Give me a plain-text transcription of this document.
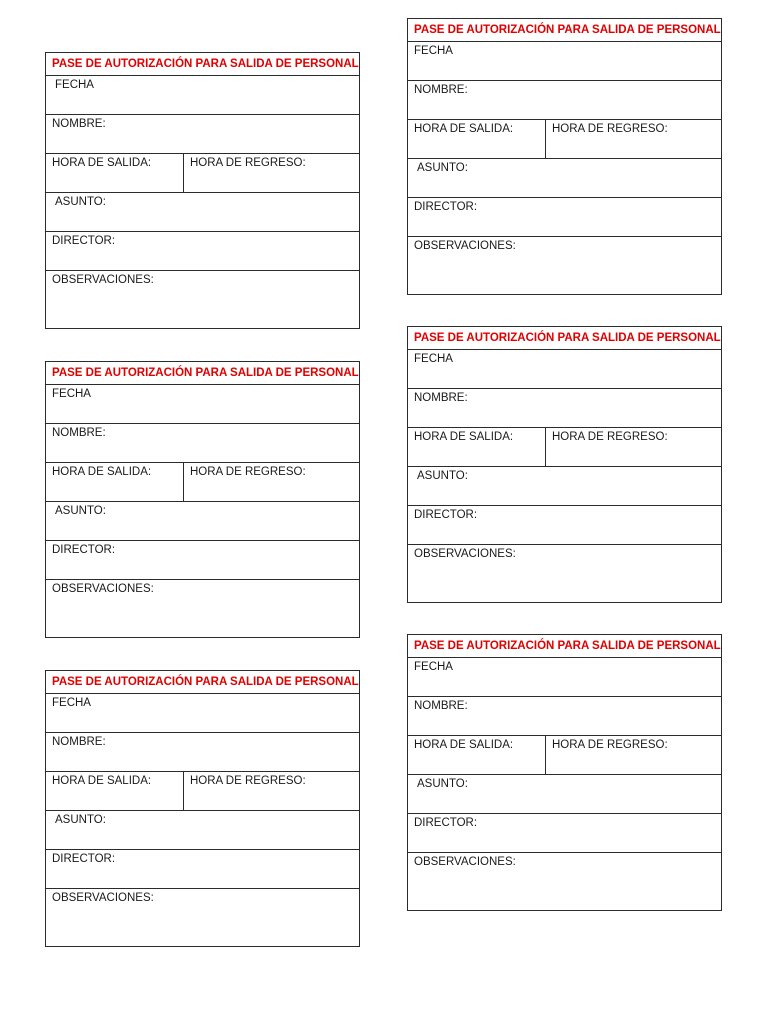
PASE DE AUTORIZACIÓN PARA SALIDA DE PERSONAL
FECHA
NOMBRE:
HORA DE SALIDA:	HORA DE REGRESO:
ASUNTO:
DIRECTOR:
OBSERVACIONES:
PASE DE AUTORIZACIÓN PARA SALIDA DE PERSONAL
FECHA
NOMBRE:
HORA DE SALIDA:	HORA DE REGRESO:
ASUNTO:
DIRECTOR:
OBSERVACIONES:
PASE DE AUTORIZACIÓN PARA SALIDA DE PERSONAL
FECHA
NOMBRE:
HORA DE SALIDA:	HORA DE REGRESO:
ASUNTO:
DIRECTOR:
OBSERVACIONES:
PASE DE AUTORIZACIÓN PARA SALIDA DE PERSONAL
FECHA
NOMBRE:
HORA DE SALIDA:	HORA DE REGRESO:
ASUNTO:
DIRECTOR:
OBSERVACIONES:
PASE DE AUTORIZACIÓN PARA SALIDA DE PERSONAL
FECHA
NOMBRE:
HORA DE SALIDA:	HORA DE REGRESO:
ASUNTO:
DIRECTOR:
OBSERVACIONES:
PASE DE AUTORIZACIÓN PARA SALIDA DE PERSONAL
FECHA
NOMBRE:
HORA DE SALIDA:	HORA DE REGRESO:
ASUNTO:
DIRECTOR:
OBSERVACIONES:
